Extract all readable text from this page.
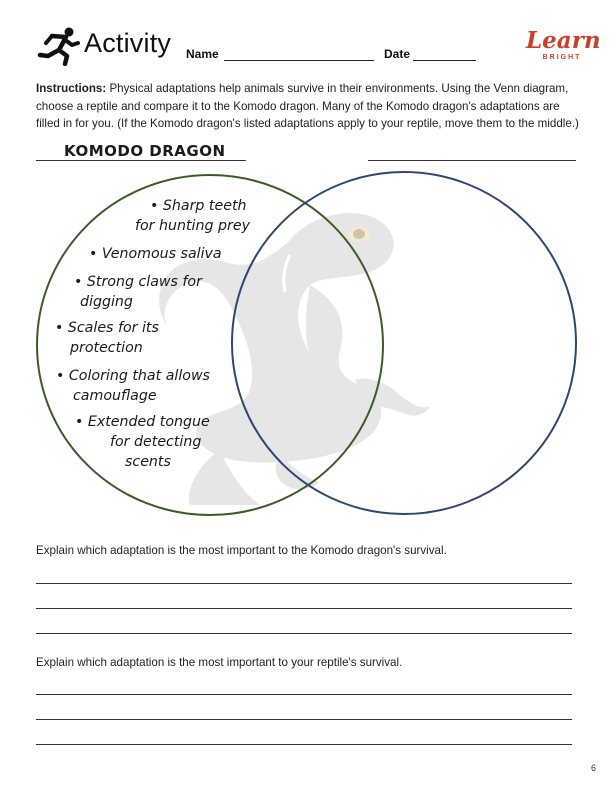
Activity Name	Date	Learn
BRIGHT
Instructions: Physical adaptations help animals survive in their environments. Using the Venn diagram, choose a reptile and compare it to the Komodo dragon. Many of the Komodo dragon's adaptations are filled in for you. (If the Komodo dragon's listed adaptations apply to your reptile, move them to the middle.)
KOMODO DRAGON
• Sharp teeth
for hunting prey
• Venomous saliva
• Strong claws for
digging
• Scales for its
protection
• Coloring that allows
camouflage
• Extended tongue
for detecting
scents
Explain which adaptation is the most important to the Komodo dragon's survival.
Explain which adaptation is the most important to your reptile's survival.
6
